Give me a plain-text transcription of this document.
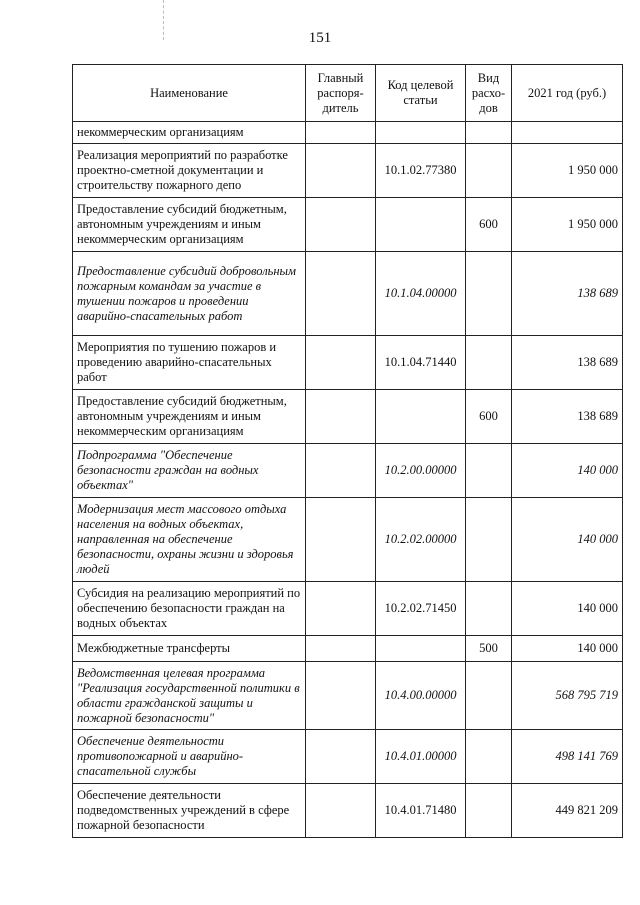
151
Наименование	Главный распоря-дитель	Код целевой статьи	Вид расхо-дов	2021 год (руб.)
некоммерческим организациям				
Реализация мероприятий по разработке проектно-сметной документации и строительству пожарного депо		10.1.02.77380		1 950 000
Предоставление субсидий бюджетным, автономным учреждениям и иным некоммерческим организациям			600	1 950 000
Предоставление субсидий добровольным пожарным командам за участие в тушении пожаров и проведении аварийно-спасательных работ		10.1.04.00000		138 689
Мероприятия по тушению пожаров и проведению аварийно-спасательных работ		10.1.04.71440		138 689
Предоставление субсидий бюджетным, автономным учреждениям и иным некоммерческим организациям			600	138 689
Подпрограмма "Обеспечение безопасности граждан на водных объектах"		10.2.00.00000		140 000
Модернизация мест массового отдыха населения на водных объектах, направленная на обеспечение безопасности, охраны жизни и здоровья людей		10.2.02.00000		140 000
Субсидия на реализацию мероприятий по обеспечению безопасности граждан на водных объектах		10.2.02.71450		140 000
Межбюджетные трансферты			500	140 000
Ведомственная целевая программа "Реализация государственной политики в области гражданской защиты и пожарной безопасности"		10.4.00.00000		568 795 719
Обеспечение деятельности противопожарной и аварийно-спасательной службы		10.4.01.00000		498 141 769
Обеспечение деятельности подведомственных учреждений в сфере пожарной безопасности		10.4.01.71480		449 821 209
